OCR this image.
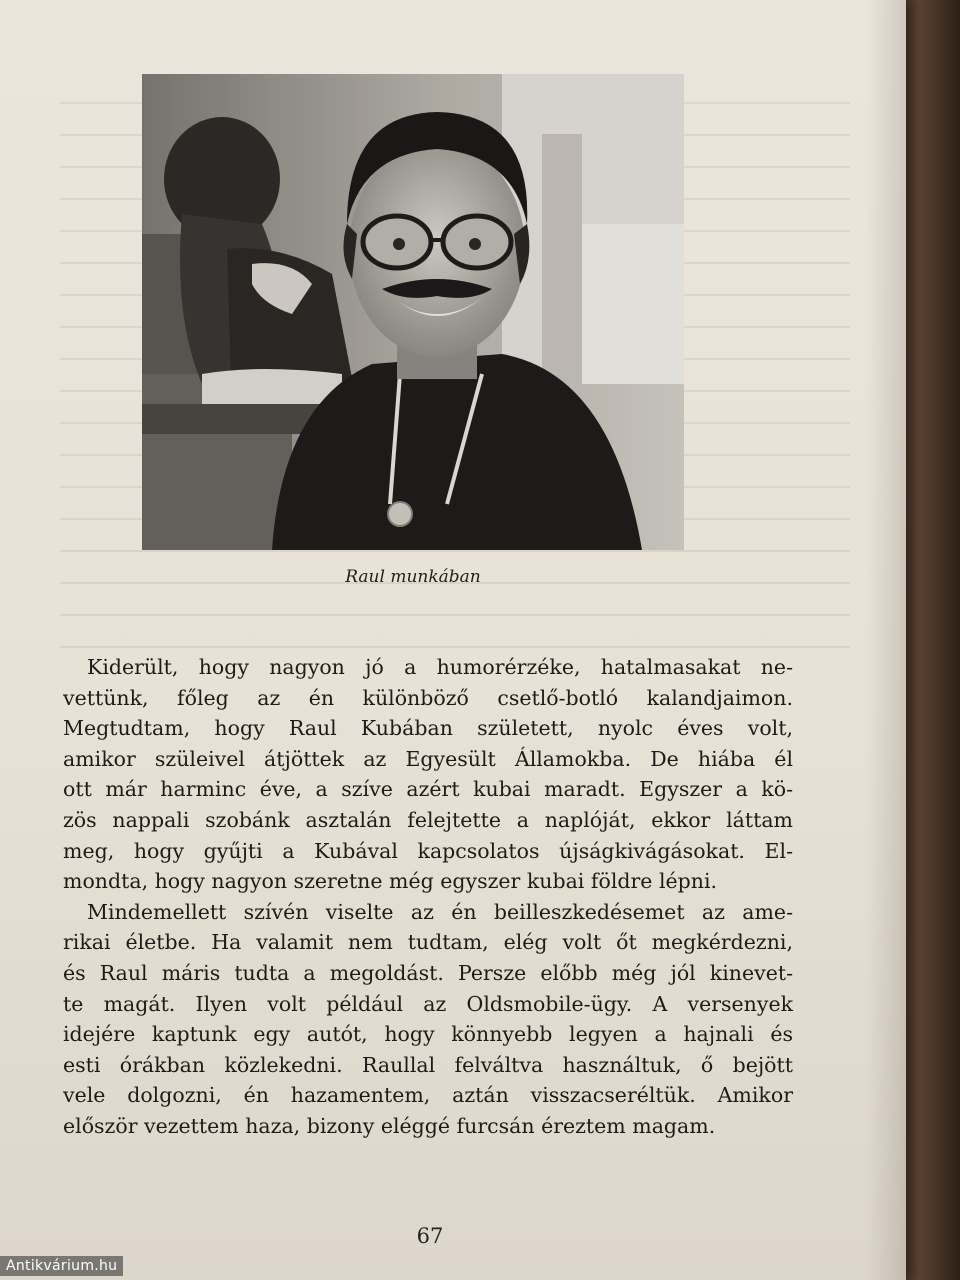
Raul munkában
Kiderült, hogy nagyon jó a humorérzéke, hatalmasakat ne-
vettünk, főleg az én különböző csetlő-botló kalandjaimon.
Megtudtam, hogy Raul Kubában született, nyolc éves volt,
amikor szüleivel átjöttek az Egyesült Államokba. De hiába él
ott már harminc éve, a szíve azért kubai maradt. Egyszer a kö-
zös nappali szobánk asztalán felejtette a naplóját, ekkor láttam
meg, hogy gyűjti a Kubával kapcsolatos újságkivágásokat. El-
mondta, hogy nagyon szeretne még egyszer kubai földre lépni.
Mindemellett szívén viselte az én beilleszkedésemet az ame-
rikai életbe. Ha valamit nem tudtam, elég volt őt megkérdezni,
és Raul máris tudta a megoldást. Persze előbb még jól kinevet-
te magát. Ilyen volt például az Oldsmobile-ügy. A versenyek
idejére kaptunk egy autót, hogy könnyebb legyen a hajnali és
esti órákban közlekedni. Raullal felváltva használtuk, ő bejött
vele dolgozni, én hazamentem, aztán visszacseréltük. Amikor
először vezettem haza, bizony eléggé furcsán éreztem magam.
67
Antikvárium.hu
